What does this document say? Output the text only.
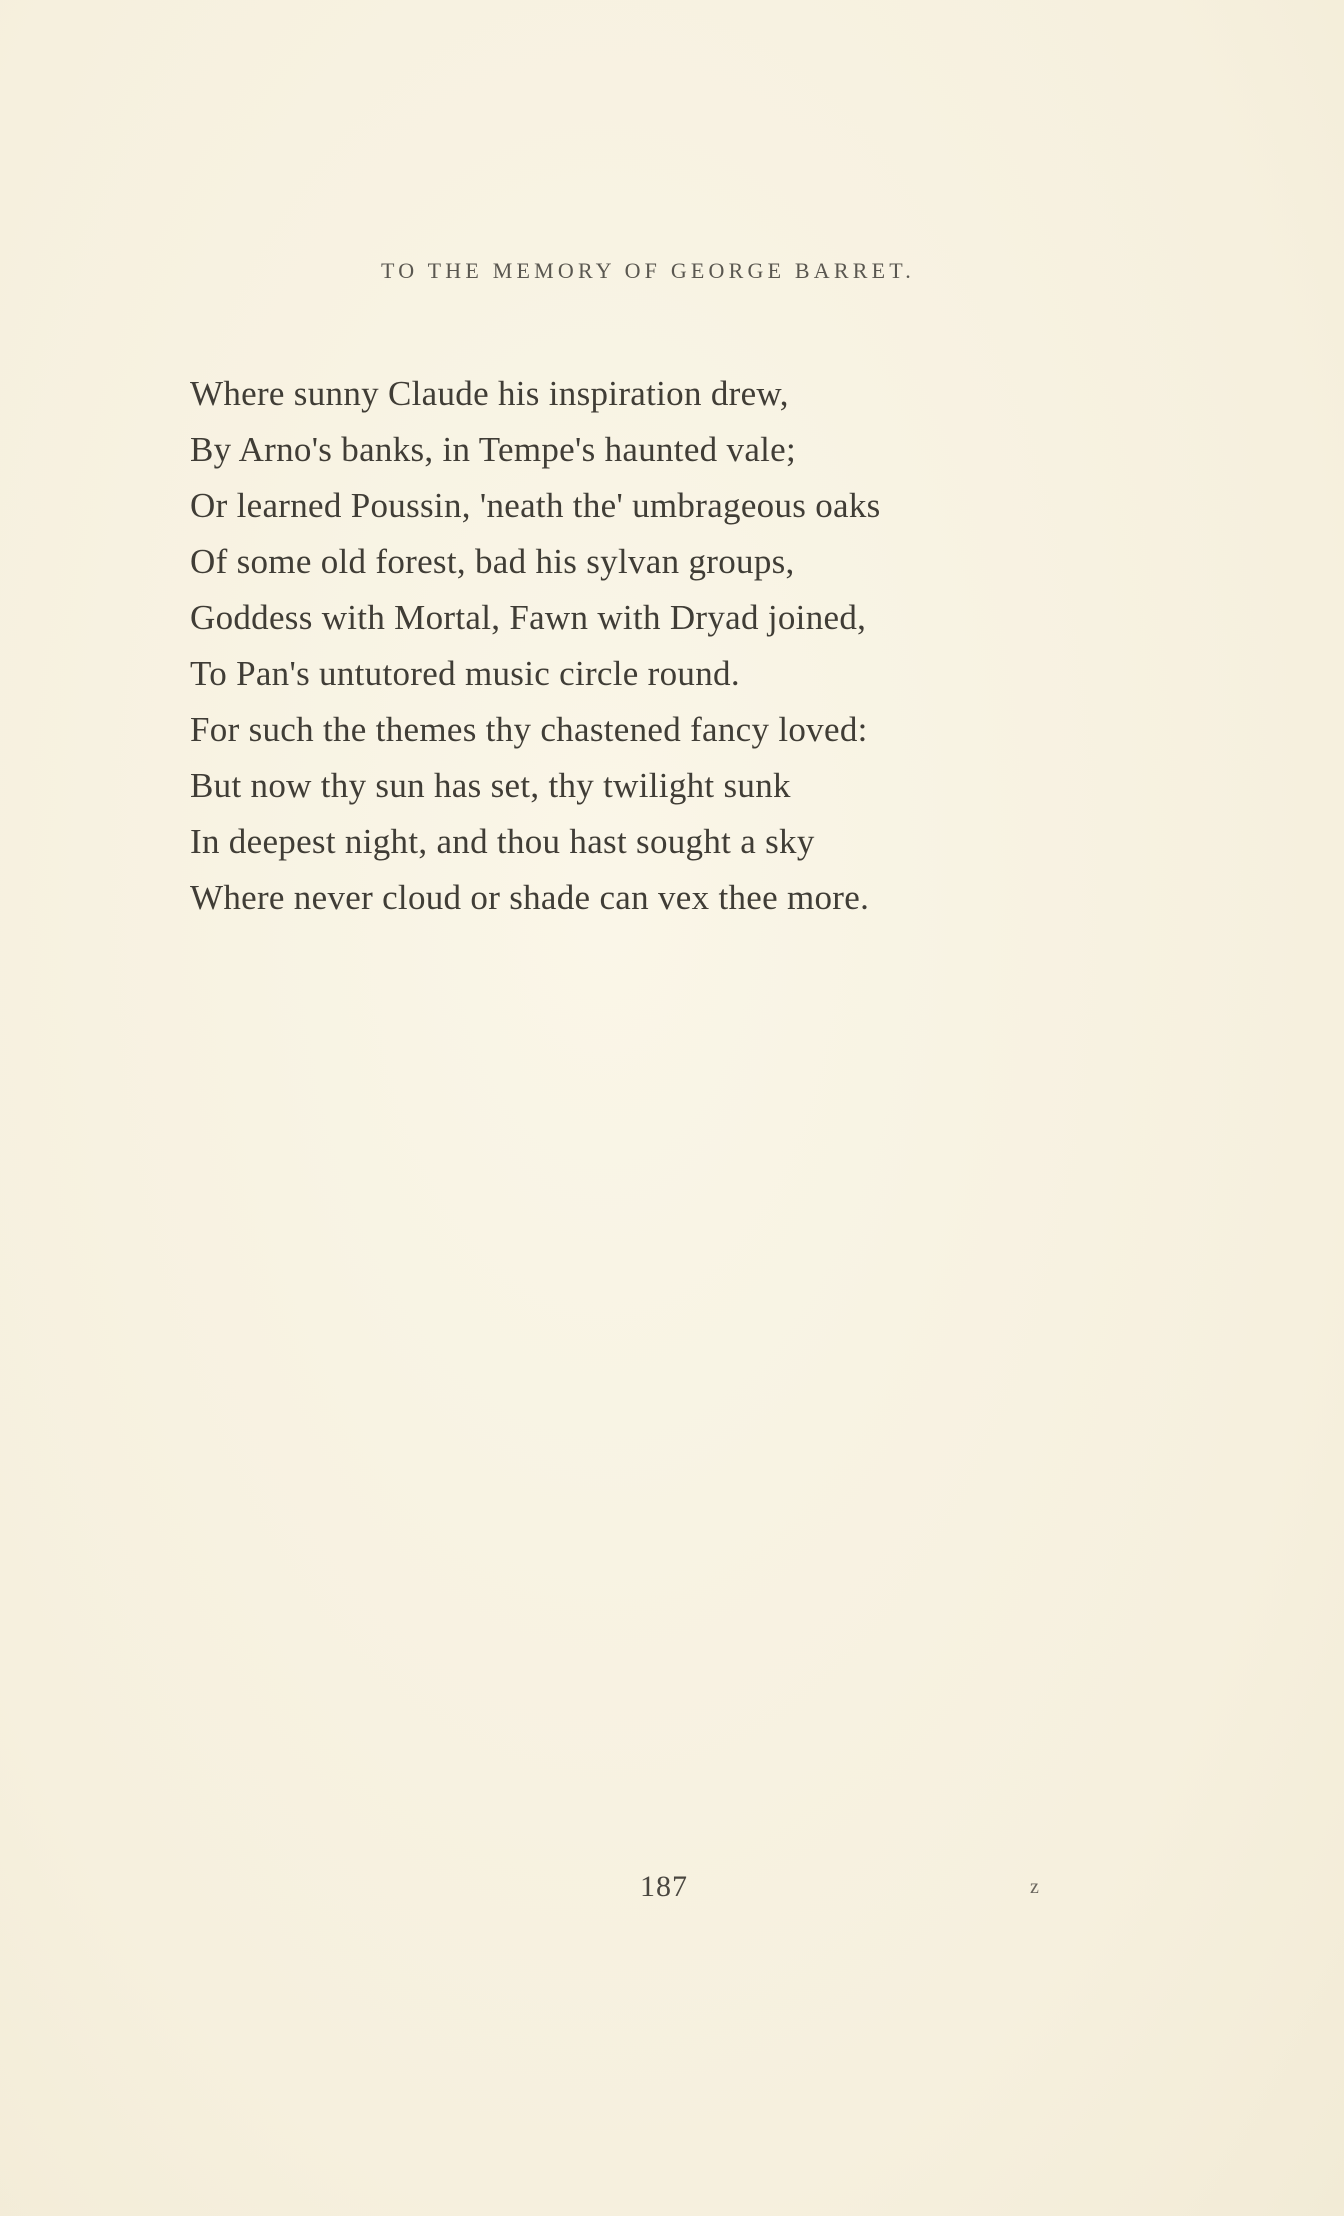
TO THE MEMORY OF GEORGE BARRET.
Where sunny Claude his inspiration drew,
By Arno's banks, in Tempe's haunted vale;
Or learned Poussin, 'neath the' umbrageous oaks
Of some old forest, bad his sylvan groups,
Goddess with Mortal, Fawn with Dryad joined,
To Pan's untutored music circle round.
For such the themes thy chastened fancy loved:
But now thy sun has set, thy twilight sunk
In deepest night, and thou hast sought a sky
Where never cloud or shade can vex thee more.
187	z
